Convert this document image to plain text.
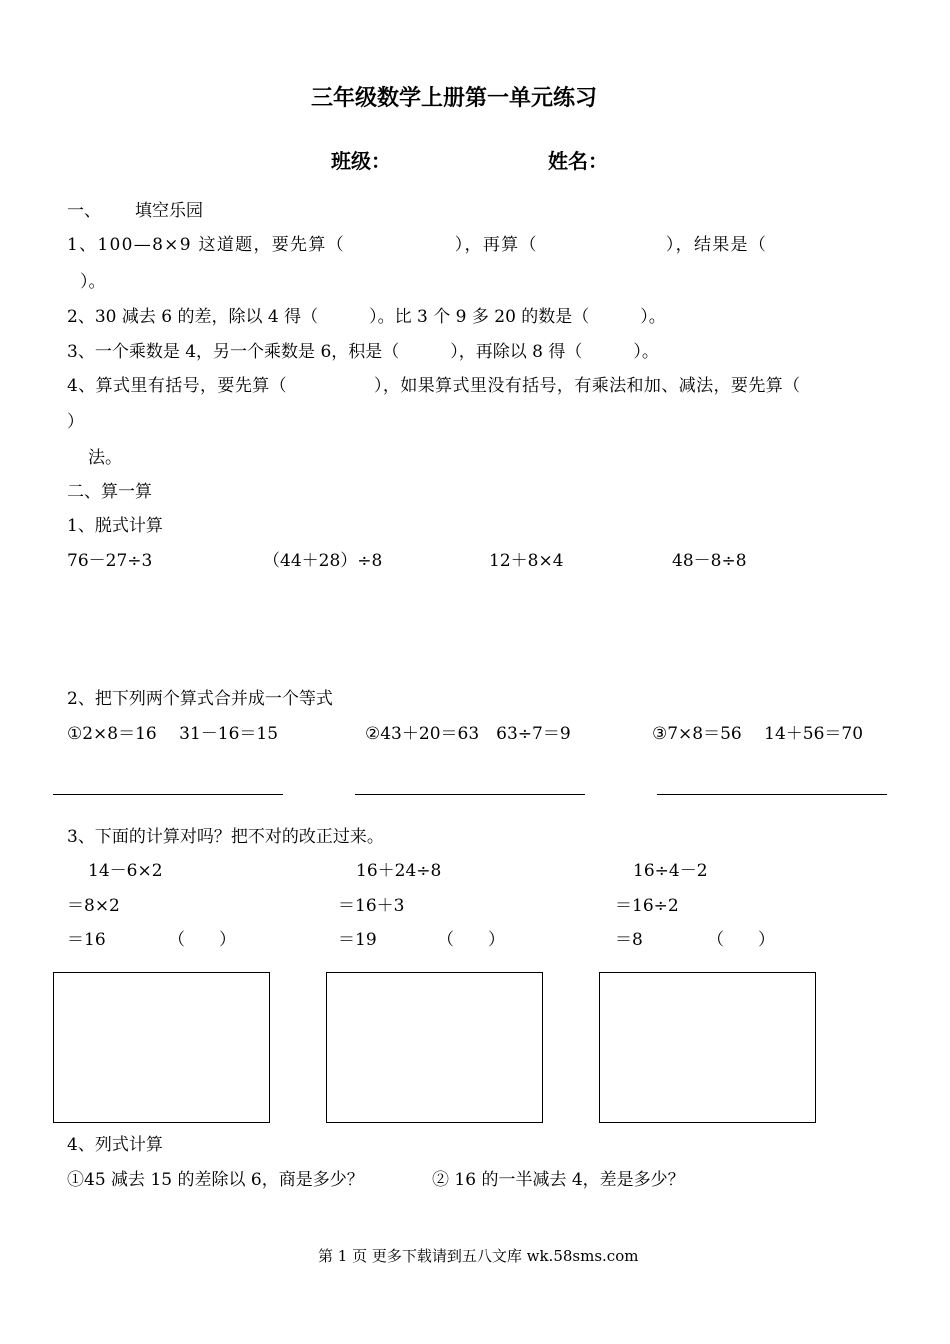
三年级数学上册第一单元练习
班级：	姓名：
一、 填空乐园
1、100—8×9 这道题，要先算（　　　　　　），再算（　　　　　　　），结果是（
）。
2、30 减去 6 的差，除以 4 得（　　　）。比 3 个 9 多 20 的数是（　　　）。
3、一个乘数是 4，另一个乘数是 6，积是（　　　），再除以 8 得（　　　）。
4、算式里有括号，要先算（　　　　　），如果算式里没有括号，有乘法和加、减法，要先算（
）
法。
二、算一算
1、脱式计算
76－27÷3	（44＋28）÷8	12＋8×4	48－8÷8
2、把下列两个算式合并成一个等式
①2×8＝16　 31－16＝15	②43＋20＝63　63÷7＝9	③7×8＝56　 14＋56＝70
3、下面的计算对吗？把不对的改正过来。
14－6×2
＝8×2
＝16	（　　）
16＋24÷8
＝16＋3
＝19	（　　）
16÷4－2
＝16÷2
＝8	（　　）
4、列式计算
①45 减去 15 的差除以 6，商是多少？	② 16 的一半减去 4，差是多少？
第 1 页 更多下载请到五八文库 wk.58sms.com
